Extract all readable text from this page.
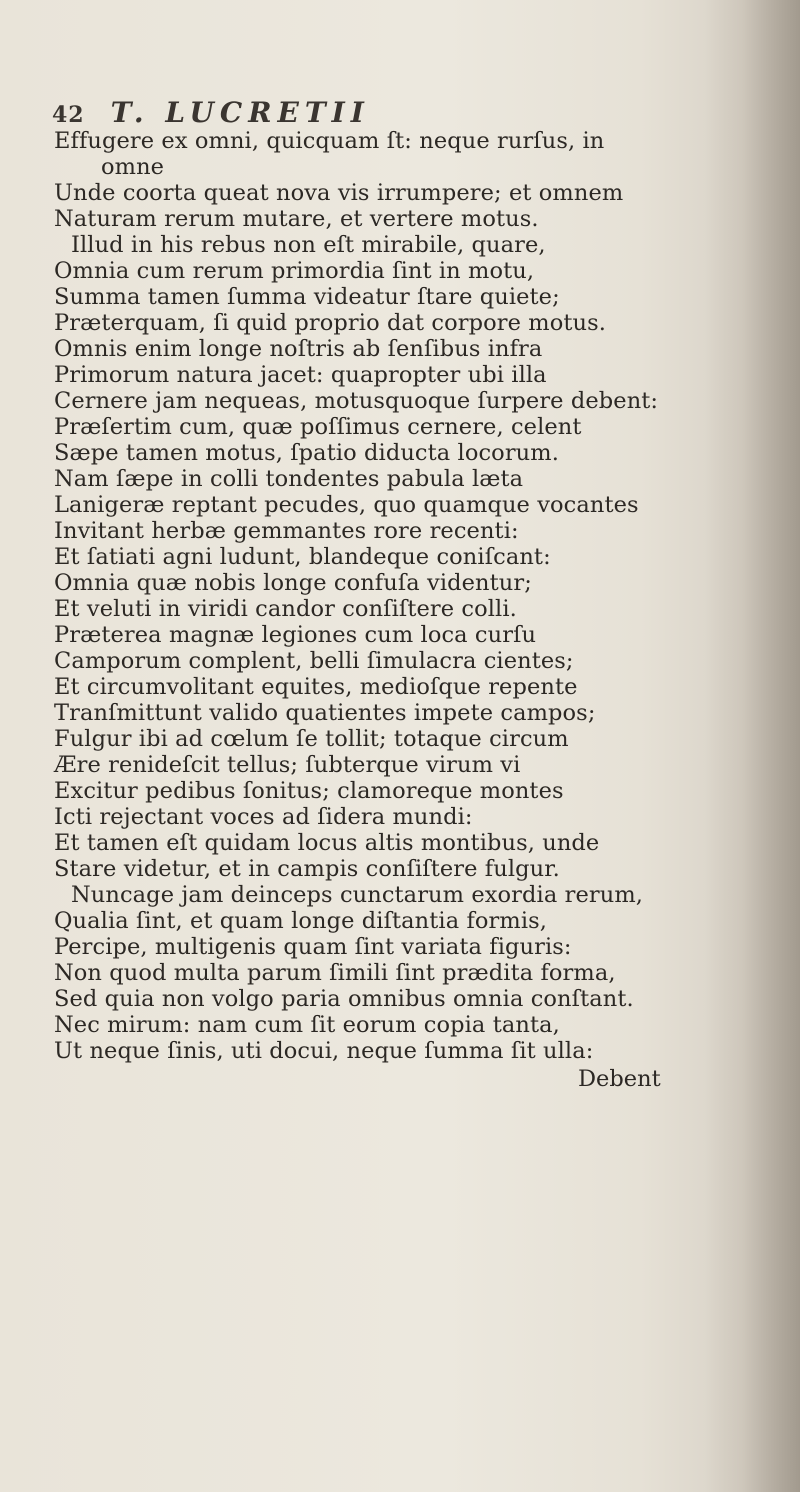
42 T. LUCRETII
Effugere ex omni, quicquam ſt: neque rurſus, in
omne
Unde coorta queat nova vis irrumpere; et omnem
Naturam rerum mutare, et vertere motus.
Illud in his rebus non eſt mirabile, quare,
Omnia cum rerum primordia ſint in motu,
Summa tamen ſumma videatur ſtare quiete;
Præterquam, ſi quid proprio dat corpore motus.
Omnis enim longe noſtris ab ſenſibus infra
Primorum natura jacet: quapropter ubi illa
Cernere jam nequeas, motusquoque ſurpere debent:
Præſertim cum, quæ poſſimus cernere, celent
Sæpe tamen motus, ſpatio diducta locorum.
Nam ſæpe in colli tondentes pabula læta
Lanigeræ reptant pecudes, quo quamque vocantes
Invitant herbæ gemmantes rore recenti:
Et ſatiati agni ludunt, blandeque coniſcant:
Omnia quæ nobis longe confuſa videntur;
Et veluti in viridi candor conſiſtere colli.
Præterea magnæ legiones cum loca curſu
Camporum complent, belli ſimulacra cientes;
Et circumvolitant equites, medioſque repente
Tranſmittunt valido quatientes impete campos;
Fulgur ibi ad cœlum ſe tollit; totaque circum
Ære renideſcit tellus; ſubterque virum vi
Excitur pedibus ſonitus; clamoreque montes
Icti rejectant voces ad ſidera mundi:
Et tamen eſt quidam locus altis montibus, unde
Stare videtur, et in campis conſiſtere fulgur.
Nuncage jam deinceps cunctarum exordia rerum,
Qualia ſint, et quam longe diſtantia formis,
Percipe, multigenis quam ſint variata figuris:
Non quod multa parum ſimili ſint prædita forma,
Sed quia non volgo paria omnibus omnia conſtant.
Nec mirum: nam cum ſit eorum copia tanta,
Ut neque ſinis, uti docui, neque ſumma ſit ulla:
Debent
